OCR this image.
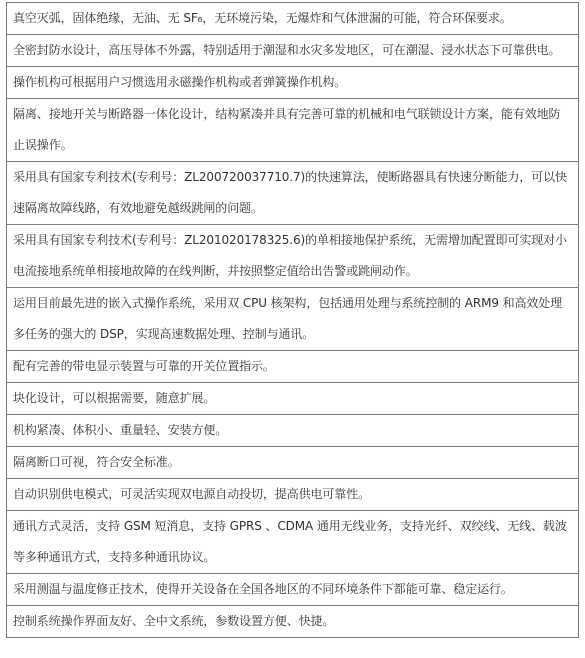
真空灭弧，固体绝缘，无油、无 SF₆，无环境污染，无爆炸和气体泄漏的可能，符合环保要求。
全密封防水设计，高压导体不外露，特别适用于潮湿和水灾多发地区，可在潮湿、浸水状态下可靠供电。
操作机构可根据用户习惯选用永磁操作机构或者弹簧操作机构。
隔离、接地开关与断路器一体化设计，结构紧凑并具有完善可靠的机械和电气联锁设计方案，能有效地防止误操作。
采用具有国家专利技术(专利号：ZL200720037710.7)的快速算法，使断路器具有快速分断能力，可以快速隔离故障线路，有效地避免越级跳闸的问题。
采用具有国家专利技术(专利号：ZL201020178325.6)的单相接地保护系统，无需增加配置即可实现对小电流接地系统单相接地故障的在线判断，并按照整定值给出告警或跳闸动作。
运用目前最先进的嵌入式操作系统，采用双 CPU 核架构，包括通用处理与系统控制的 ARM9 和高效处理多任务的强大的 DSP，实现高速数据处理、控制与通讯。
配有完善的带电显示装置与可靠的开关位置指示。
块化设计，可以根据需要，随意扩展。
机构紧凑、体积小、重量轻、安装方便。
隔离断口可视，符合安全标准。
自动识别供电模式，可灵活实现双电源自动投切，提高供电可靠性。
通讯方式灵活，支持 GSM 短消息，支持 GPRS 、CDMA 通用无线业务，支持光纤、双绞线、无线、载波等多种通讯方式，支持多种通讯协议。
采用测温与温度修正技术，使得开关设备在全国各地区的不同环境条件下都能可靠、稳定运行。
控制系统操作界面友好、全中文系统，参数设置方便、快捷。
